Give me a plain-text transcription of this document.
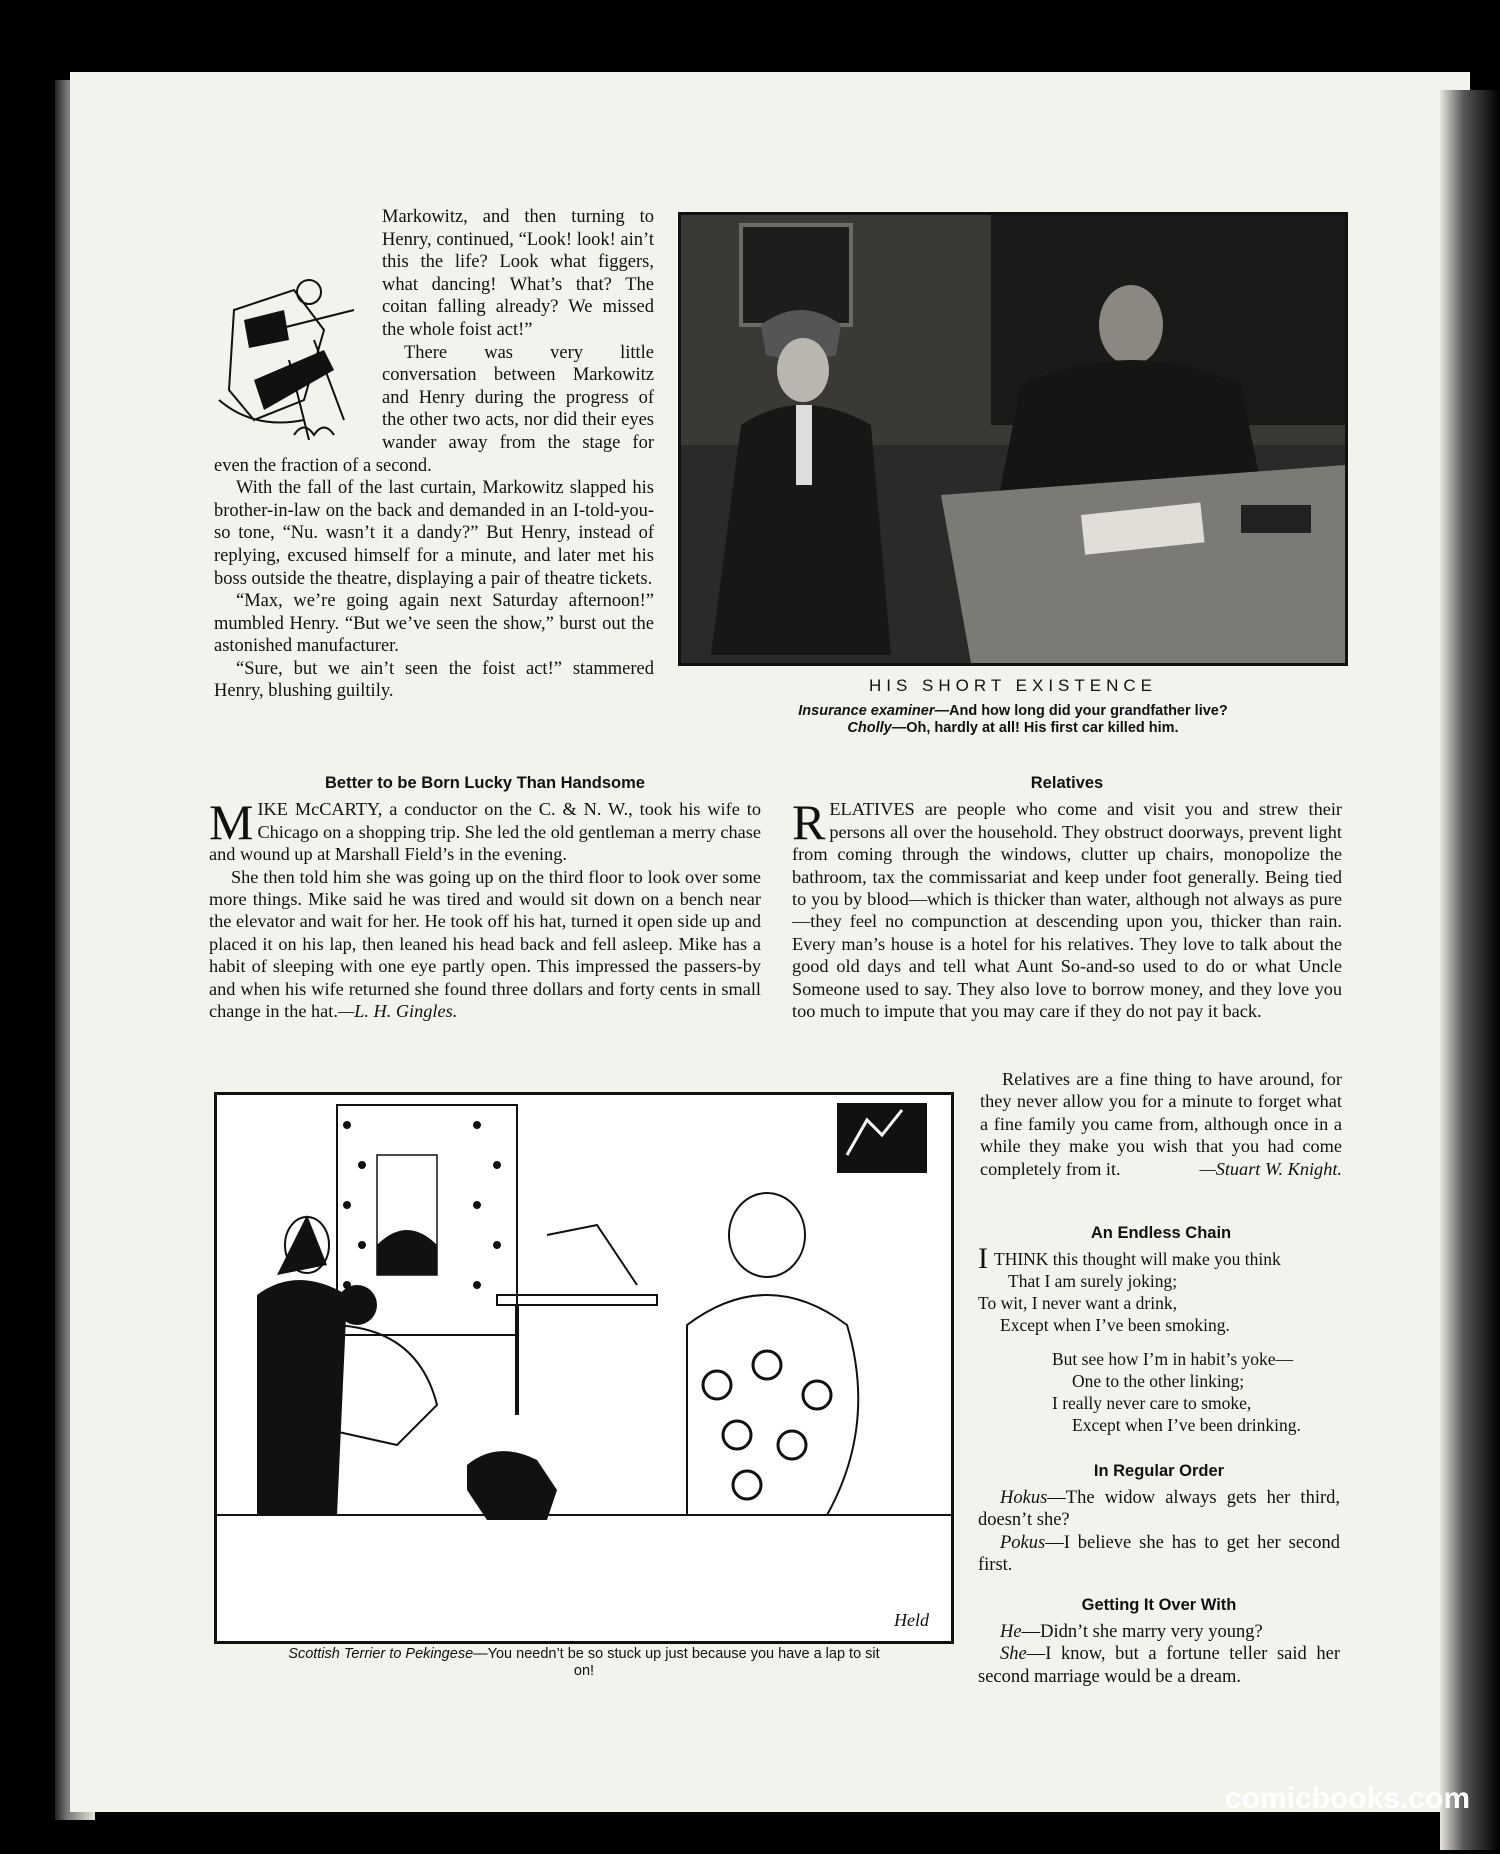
Markowitz, and then turning to Henry, continued, “Look! look! ain’t this the life? Look what figgers, what dancing! What’s that? The coitan falling already? We missed the whole foist act!”

There was very little conversation between Markowitz and Henry during the progress of the other two acts, nor did their eyes wander away from the stage for even the fraction of a second.

With the fall of the last curtain, Markowitz slapped his brother-in-law on the back and demanded in an I-told-you-so tone, “Nu. wasn’t it a dandy?” But Henry, instead of replying, excused himself for a minute, and later met his boss outside the theatre, displaying a pair of theatre tickets.

“Max, we’re going again next Saturday afternoon!” mumbled Henry. “But we’ve seen the show,” burst out the astonished manufacturer.

“Sure, but we ain’t seen the foist act!” stammered Henry, blushing guiltily.	HIS SHORT EXISTENCE
Insurance examiner—And how long did your grandfather live?
Cholly—Oh, hardly at all! His first car killed him.

Better to be Born Lucky Than Handsome

MIKE McCARTY, a conductor on the C. & N. W., took his wife to Chicago on a shopping trip. She led the old gentleman a merry chase and wound up at Marshall Field’s in the evening.

She then told him she was going up on the third floor to look over some more things. Mike said he was tired and would sit down on a bench near the elevator and wait for her. He took off his hat, turned it open side up and placed it on his lap, then leaned his head back and fell asleep. Mike has a habit of sleeping with one eye partly open. This impressed the passers-by and when his wife returned she found three dollars and forty cents in small change in the hat.—L. H. Gingles.

Relatives

RELATIVES are people who come and visit you and strew their persons all over the household. They obstruct doorways, prevent light from coming through the windows, clutter up chairs, monopolize the bathroom, tax the commissariat and keep under foot generally. Being tied to you by blood—which is thicker than water, although not always as pure—they feel no compunction at descending upon you, thicker than rain. Every man’s house is a hotel for his relatives. They love to talk about the good old days and tell what Aunt So-and-so used to do or what Uncle Someone used to say. They also love to borrow money, and they love you too much to impute that you may care if they do not pay it back.

Relatives are a fine thing to have around, for they never allow you for a minute to forget what a fine family you came from, although once in a while they make you wish that you had come completely from it.	—Stuart W. Knight.

Held
Scottish Terrier to Pekingese—You needn’t be so stuck up just because you have a lap to sit on!

An Endless Chain

ITHINK this thought will make you think
That I am surely joking;
To wit, I never want a drink,
Except when I’ve been smoking.
But see how I’m in habit’s yoke—
One to the other linking;
I really never care to smoke,
Except when I’ve been drinking.

In Regular Order

Hokus—The widow always gets her third, doesn’t she?

Pokus—I believe she has to get her second first.

Getting It Over With

He—Didn’t she marry very young?

She—I know, but a fortune teller said her second marriage would be a dream.

comicbooks.com
